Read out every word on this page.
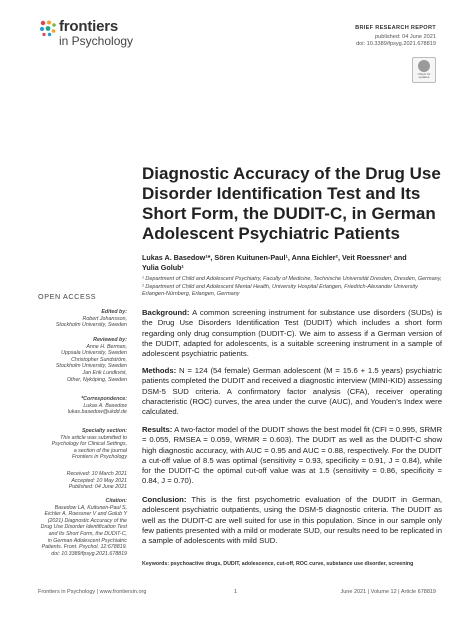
frontiers
in Psychology
BRIEF RESEARCH REPORT
published: 04 June 2021
doi: 10.3389/fpsyg.2021.678819
Check for updates
Diagnostic Accuracy of the Drug Use
Disorder Identification Test and Its
Short Form, the DUDIT-C, in German
Adolescent Psychiatric Patients
Lukas A. Basedow¹*, Sören Kuitunen-Paul¹, Anna Eichler², Veit Roessner¹ and
Yulia Golub¹
¹ Department of Child and Adolescent Psychiatry, Faculty of Medicine, Technische Universität Dresden, Dresden, Germany,
² Department of Child and Adolescent Mental Health, University Hospital Erlangen, Friedrich-Alexander University
Erlangen-Nürnberg, Erlangen, Germany
OPEN ACCESS
Edited by:
Robert Johansson,
Stockholm University, Sweden
Reviewed by:
Anne H. Berman,
Uppsala University, Sweden
Christopher Sundström,
Stockholm University, Sweden
Jan Erik Lundkvist,
Other, Nyköping, Sweden
*Correspondence:
Lukas A. Basedow
lukas.basedow@ukdd.de
Specialty section:
This article was submitted to
Psychology for Clinical Settings,
a section of the journal
Frontiers in Psychology
Received: 10 March 2021
Accepted: 10 May 2021
Published: 04 June 2021
Citation:
Basedow LA, Kuitunen-Paul S,
Eichler A, Roessner V and Golub Y
(2021) Diagnostic Accuracy of the
Drug Use Disorder Identification Test
and Its Short Form, the DUDIT-C,
in German Adolescent Psychiatric
Patients. Front. Psychol. 12:678819.
doi: 10.3389/fpsyg.2021.678819
Background: A common screening instrument for substance use disorders (SUDs) is the Drug Use Disorders Identification Test (DUDIT) which includes a short form regarding only drug consumption (DUDIT-C). We aim to assess if a German version of the DUDIT, adapted for adolescents, is a suitable screening instrument in a sample of adolescent psychiatric patients.
Methods: N = 124 (54 female) German adolescent (M = 15.6 + 1.5 years) psychiatric patients completed the DUDIT and received a diagnostic interview (MINI-KID) assessing DSM-5 SUD criteria. A confirmatory factor analysis (CFA), receiver operating characteristic (ROC) curves, the area under the curve (AUC), and Youden’s Index were calculated.
Results: A two-factor model of the DUDIT shows the best model fit (CFI = 0.995, SRMR = 0.055, RMSEA = 0.059, WRMR = 0.603). The DUDIT as well as the DUDIT-C show high diagnostic accuracy, with AUC = 0.95 and AUC = 0.88, respectively. For the DUDIT a cut-off value of 8.5 was optimal (sensitivity = 0.93, specificity = 0.91, J = 0.84), while for the DUDIT-C the optimal cut-off value was at 1.5 (sensitivity = 0.86, specificity = 0.84, J = 0.70).
Conclusion: This is the first psychometric evaluation of the DUDIT in German, adolescent psychiatric outpatients, using the DSM-5 diagnostic criteria. The DUDIT as well as the DUDIT-C are well suited for use in this population. Since in our sample only few patients presented with a mild or moderate SUD, our results need to be replicated in a sample of adolescents with mild SUD.
Keywords: psychoactive drugs, DUDIT, adolescence, cut-off, ROC curve, substance use disorder, screening
Frontiers in Psychology | www.frontiersin.org	1	June 2021 | Volume 12 | Article 678819
